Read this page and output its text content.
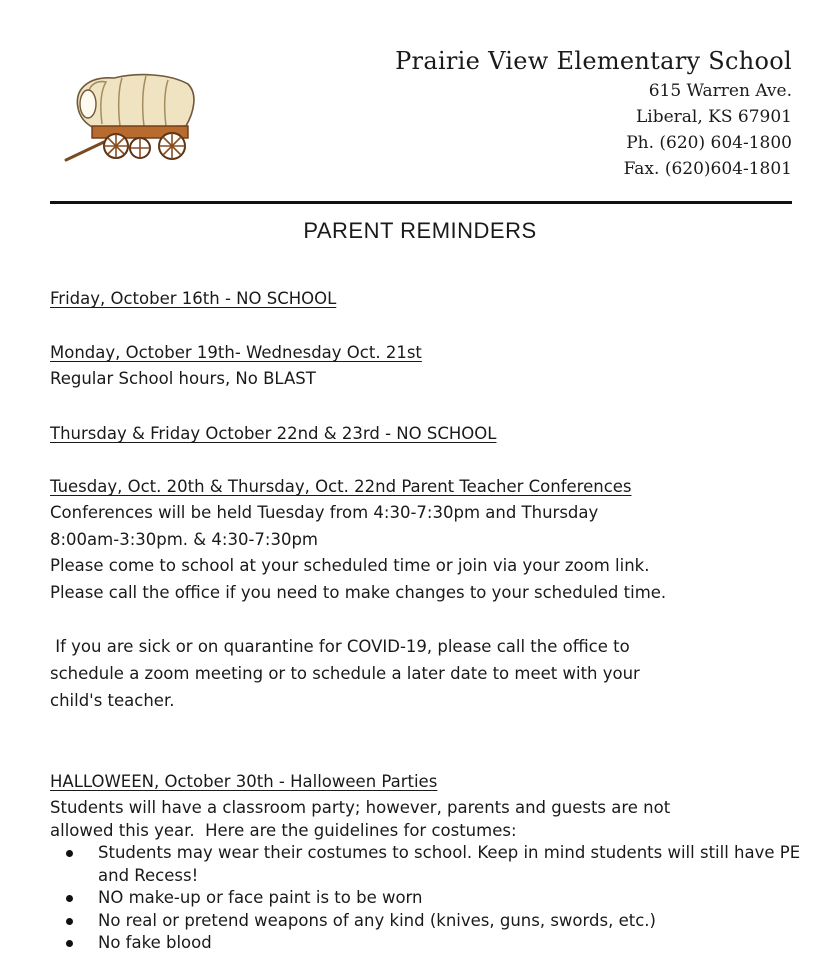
Prairie View Elementary School
615 Warren Ave.
Liberal, KS 67901
Ph. (620) 604-1800
Fax. (620)604-1801
PARENT REMINDERS
Friday, October 16th - NO SCHOOL
Monday, October 19th- Wednesday Oct. 21st
Regular School hours, No BLAST
Thursday & Friday October 22nd & 23rd - NO SCHOOL
Tuesday, Oct. 20th & Thursday, Oct. 22nd Parent Teacher Conferences
Conferences will be held Tuesday from 4:30-7:30pm and Thursday
8:00am-3:30pm. & 4:30-7:30pm
Please come to school at your scheduled time or join via your zoom link.
Please call the office if you need to make changes to your scheduled time.
If you are sick or on quarantine for COVID-19, please call the office to
schedule a zoom meeting or to schedule a later date to meet with your
child's teacher.
HALLOWEEN, October 30th - Halloween Parties
Students will have a classroom party; however, parents and guests are not
allowed this year.  Here are the guidelines for costumes:
Students may wear their costumes to school. Keep in mind students will still have PE and Recess!
NO make-up or face paint is to be worn
No real or pretend weapons of any kind (knives, guns, swords, etc.)
No fake blood
